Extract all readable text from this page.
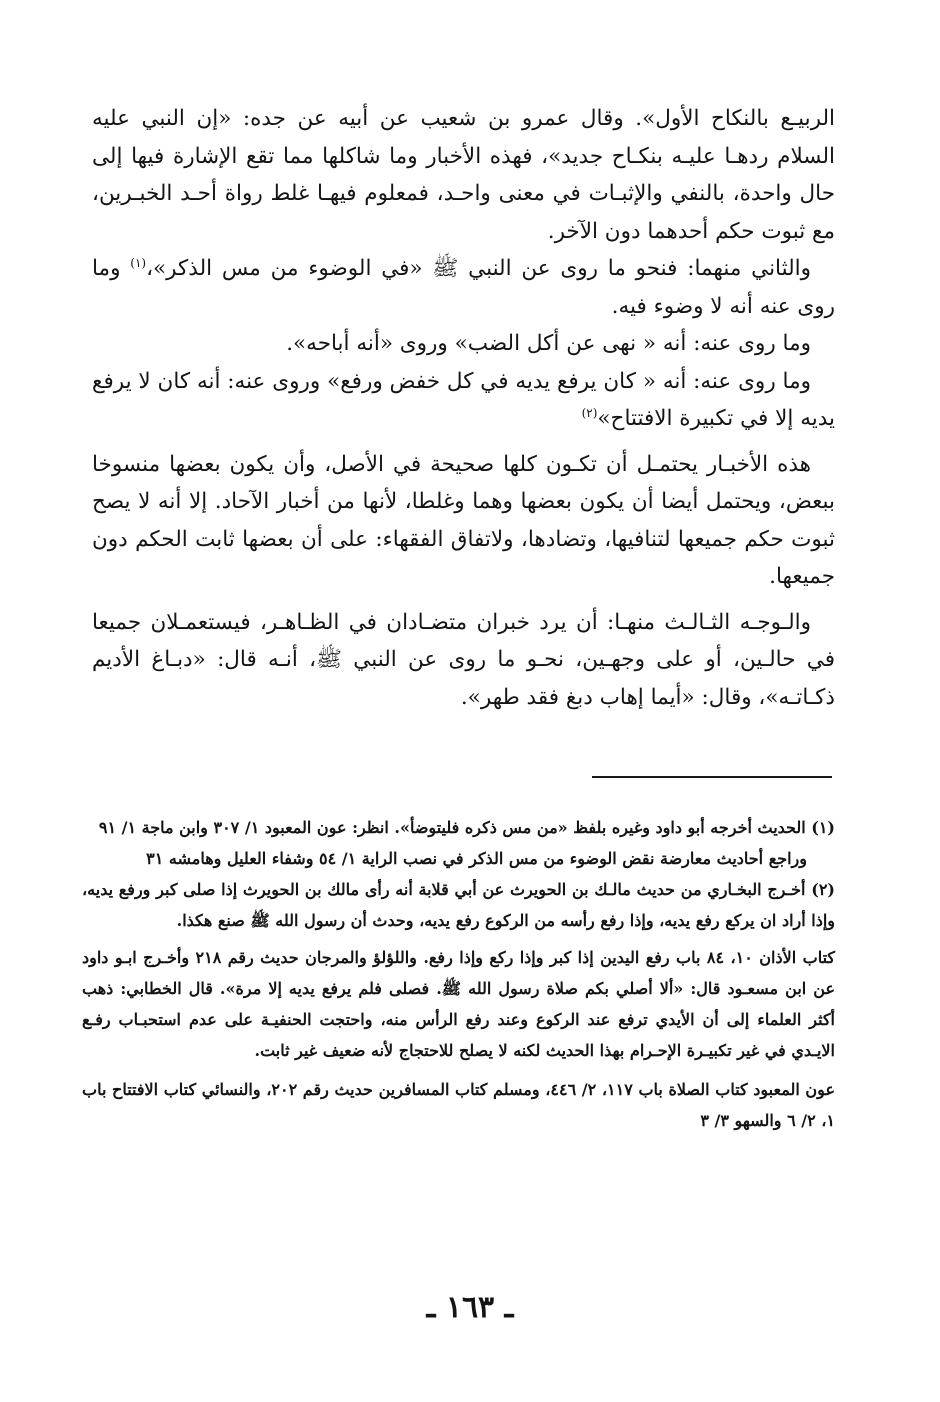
الربيـع بالنكاح الأول». وقال عمرو بن شعيب عن أبيه عن جده: «إن النبي عليه السلام ردهـا عليـه بنكـاح جديد»، فهذه الأخبار وما شاكلها مما تقع الإشارة فيها إلى حال واحدة، بالنفي والإثبـات في معنى واحـد، فمعلوم فيهـا غلط رواة أحـد الخبـرين، مع ثبوت حكم أحدهما دون الآخر.

والثاني منهما: فنحو ما روى عن النبي ﷺ «في الوضوء من مس الذكر»،$^{(١)}$ وما روى عنه أنه لا وضوء فيه.

وما روى عنه: أنه « نهى عن أكل الضب» وروى «أنه أباحه».

وما روى عنه: أنه « كان يرفع يديه في كل خفض ورفع» وروى عنه: أنه كان لا يرفع يديه إلا في تكبيرة الافتتاح»$^{(٢)}$

هذه الأخبـار يحتمـل أن تكـون كلها صحيحة في الأصل، وأن يكون بعضها منسوخا ببعض، ويحتمل أيضا أن يكون بعضها وهما وغلطا، لأنها من أخبار الآحاد. إلا أنه لا يصح ثبوت حكم جميعها لتنافيها، وتضادها، ولاتفاق الفقهاء: على أن بعضها ثابت الحكم دون جميعها.

والـوجـه الثـالـث منهـا: أن يرد خبران متضـادان في الظـاهـر، فيستعمـلان جميعا في حالـين، أو على وجهـين، نحـو ما روى عن النبي ﷺ، أنـه قال: «دبـاغ الأديم ذكـاتـه»، وقال: «أيما إهاب دبغ فقد طهر».

(١) الحديث أخرجه أبو داود وغيره بلفظ «من مس ذكره فليتوضأ». انظر: عون المعبود ١/ ٣٠٧ وابن ماجة ١/ ٩١

وراجع أحاديث معارضة نقض الوضوء من مس الذكر في نصب الراية ١/ ٥٤ وشفاء العليل وهامشه ٣١

(٢) أخـرج البخـاري من حديث مالـك بن الحويرث عن أبي قلابة أنه رأى مالك بن الحويرث إذا صلى كبر ورفع يديه، وإذا أراد ان يركع رفع يديه، وإذا رفع رأسه من الركوع رفع يديه، وحدث أن رسول الله ﷺ صنع هكذا.

كتاب الأذان ١٠، ٨٤ باب رفع اليدين إذا كبر وإذا ركع وإذا رفع. واللؤلؤ والمرجان حديث رقم ٢١٨ وأخـرج ابـو داود عن ابن مسعـود قال: «ألا أصلي بكم صلاة رسول الله ﷺ. فصلى فلم يرفع يديه إلا مرة». قال الخطابي: ذهب أكثر العلماء إلى أن الأيدي ترفع عند الركوع وعند رفع الرأس منه، واحتجت الحنفيـة على عدم استحبـاب رفـع الايـدي في غير تكبيـرة الإحـرام بهذا الحديث لكنه لا يصلح للاحتجاج لأنه ضعيف غير ثابت.

عون المعبود كتاب الصلاة باب ١١٧، ٢/ ٤٤٦، ومسلم كتاب المسافرين حديث رقم ٢٠٢، والنسائي كتاب الافتتاح باب ١، ٢/ ٦ والسهو ٣/ ٣

ـ ١٦٣ ـ
